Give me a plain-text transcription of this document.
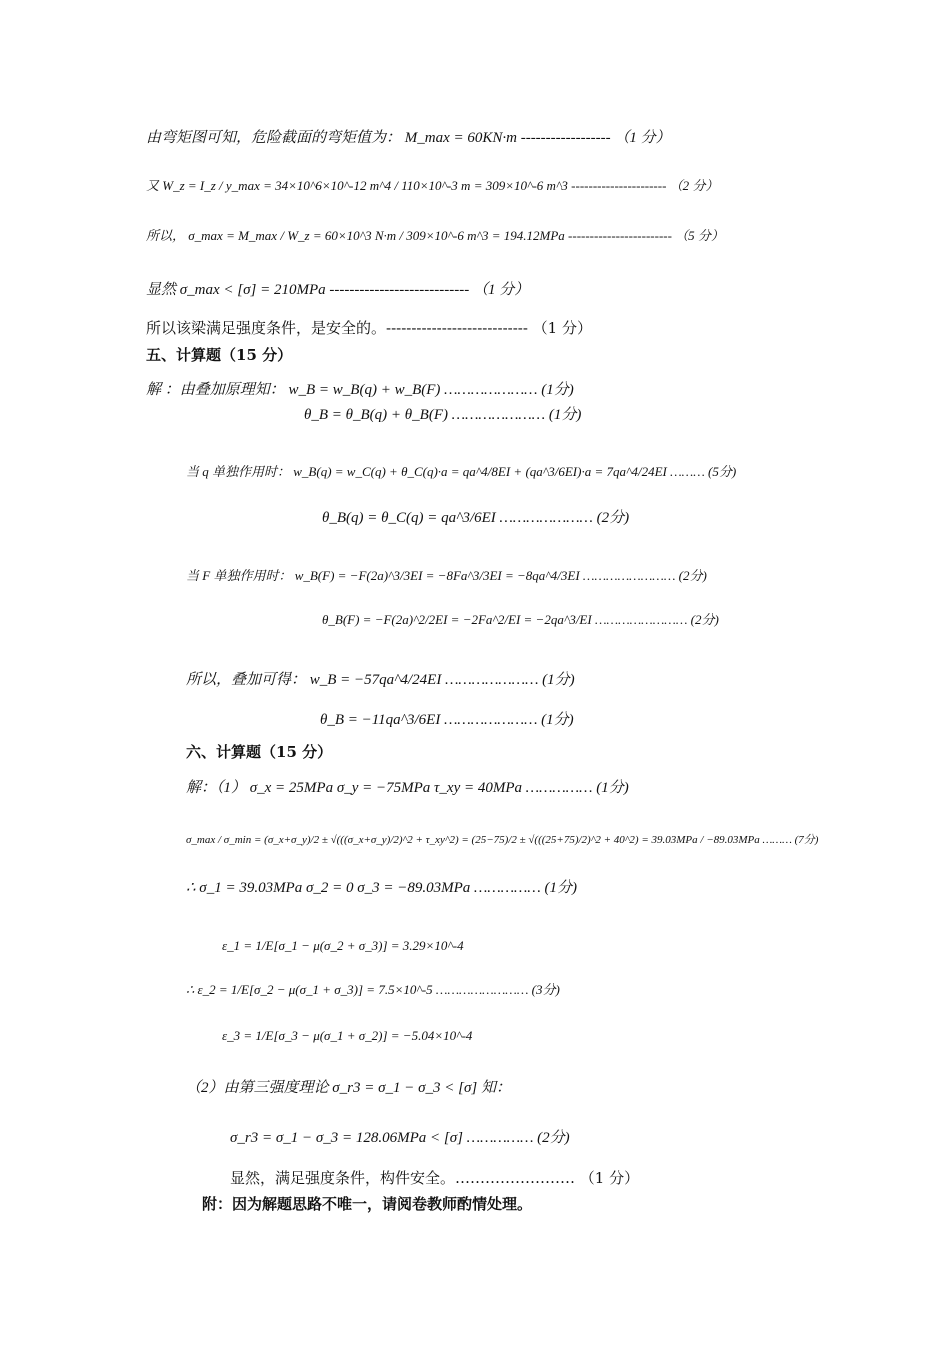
由弯矩图可知，危险截面的弯矩值为： M_max = 60KN·m ------------------ （1 分）
又 W_z = I_z / y_max = 34×10^6×10^-12 m^4 / 110×10^-3 m = 309×10^-6 m^3 ---------------------- （2 分）
所以， σ_max = M_max / W_z = 60×10^3 N·m / 309×10^-6 m^3 = 194.12MPa ------------------------ （5 分）
显然 σ_max < [σ] = 210MPa ---------------------------- （1 分）
所以该梁满足强度条件，是安全的。---------------------------- （1 分）
五、计算题（15 分）
解 ：由叠加原理知： w_B = w_B(q) + w_B(F) ………………… (1分)
θ_B = θ_B(q) + θ_B(F) ………………… (1分)
当 q 单独作用时： w_B(q) = w_C(q) + θ_C(q)·a = qa^4/8EI + (qa^3/6EI)·a = 7qa^4/24EI ……… (5分)
θ_B(q) = θ_C(q) = qa^3/6EI ………………… (2分)
当 F 单独作用时： w_B(F) = −F(2a)^3/3EI = −8Fa^3/3EI = −8qa^4/3EI …………………… (2分)
θ_B(F) = −F(2a)^2/2EI = −2Fa^2/EI = −2qa^3/EI …………………… (2分)
所以，叠加可得： w_B = −57qa^4/24EI ………………… (1分)
θ_B = −11qa^3/6EI ………………… (1分)
六、计算题（15 分）
解：（1） σ_x = 25MPa σ_y = −75MPa τ_xy = 40MPa …………… (1分)
σ_max / σ_min = (σ_x+σ_y)/2 ± √(((σ_x+σ_y)/2)^2 + τ_xy^2) = (25−75)/2 ± √(((25+75)/2)^2 + 40^2) = 39.03MPa / −89.03MPa ……… (7分)
∴ σ_1 = 39.03MPa σ_2 = 0 σ_3 = −89.03MPa …………… (1分)
ε_1 = 1/E[σ_1 − μ(σ_2 + σ_3)] = 3.29×10^-4
∴ ε_2 = 1/E[σ_2 − μ(σ_1 + σ_3)] = 7.5×10^-5 …………………… (3分)
ε_3 = 1/E[σ_3 − μ(σ_1 + σ_2)] = −5.04×10^-4
（2）由第三强度理论 σ_r3 = σ_1 − σ_3 < [σ] 知：
σ_r3 = σ_1 − σ_3 = 128.06MPa < [σ] …………… (2分)
显然，满足强度条件，构件安全。…………………… （1 分）
附：因为解题思路不唯一，请阅卷教师酌情处理。
